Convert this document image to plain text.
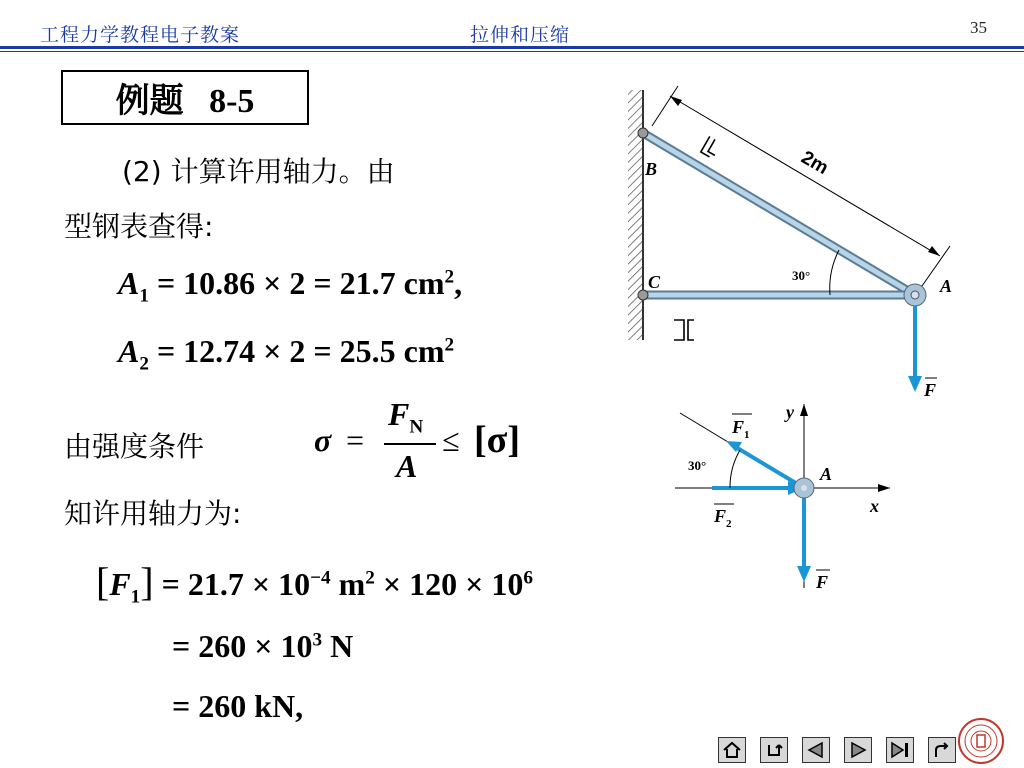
工程力学教程电子教案	拉伸和压缩	35
例题   8-5
(2) 计算许用轴力。由
型钢表查得:
$A_1 = 10.86 \times 2 = 21.7$ $cm^2$,
$A_2 = 12.74 \times 2 = 25.5$ $cm^2$
由强度条件	σ =
$F_N$
A
≤ [σ]
知许用轴力为:
$[F_1] = 21.7 \times 10^{-4}$ $m^2 \times 120 \times 10^6$
= $260 \times 10^3$ N
= 260 kN,
2m
30°
B
C	A
F
30°
$F_1$
$F_2$
F
y
x
A
